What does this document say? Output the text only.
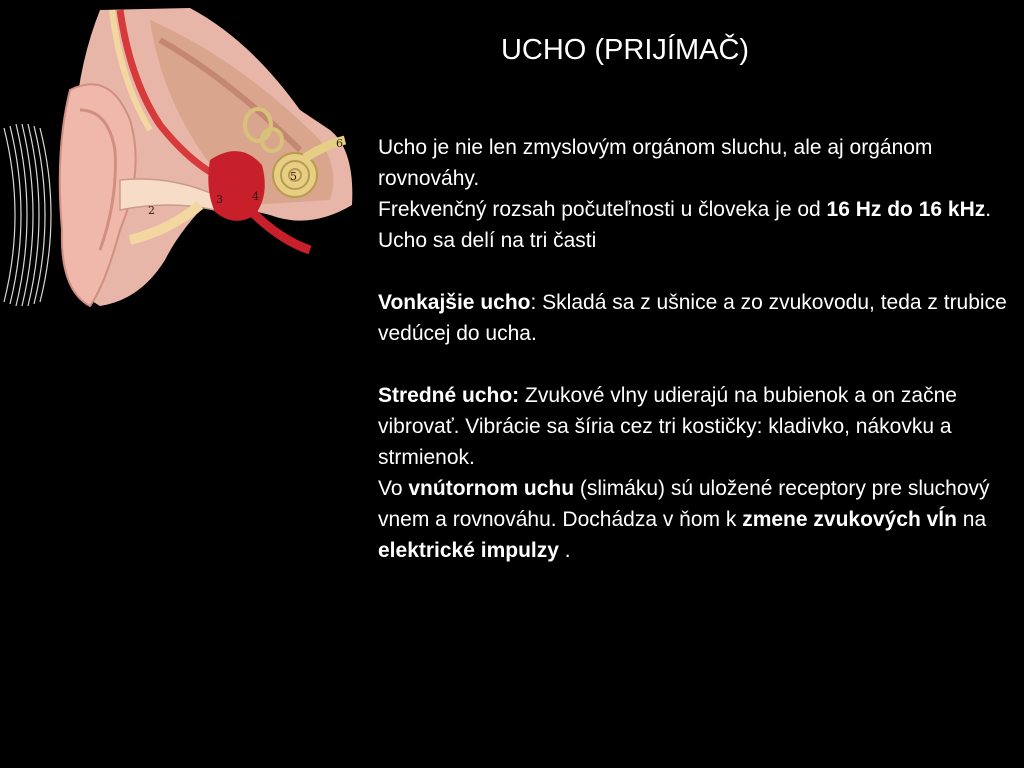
2
3	4
5
6
UCHO (PRIJÍMAČ)

Ucho je nie len zmyslovým orgánom sluchu, ale aj orgánom rovnováhy.

Frekvenčný rozsah počuteľnosti u človeka je od 16 Hz do 16 kHz.

Ucho sa delí na tri časti

Vonkajšie ucho: Skladá sa z ušnice a zo zvukovodu, teda z trubice vedúcej do ucha.

Stredné ucho: Zvukové vlny udierajú na bubienok a on začne vibrovať. Vibrácie sa šíria cez tri kostičky: kladivko, nákovku a strmienok.

Vo vnútornom uchu (slimáku) sú uložené receptory pre sluchový vnem a rovnováhu. Dochádza v ňom k zmene zvukových vĺn na elektrické impulzy .
